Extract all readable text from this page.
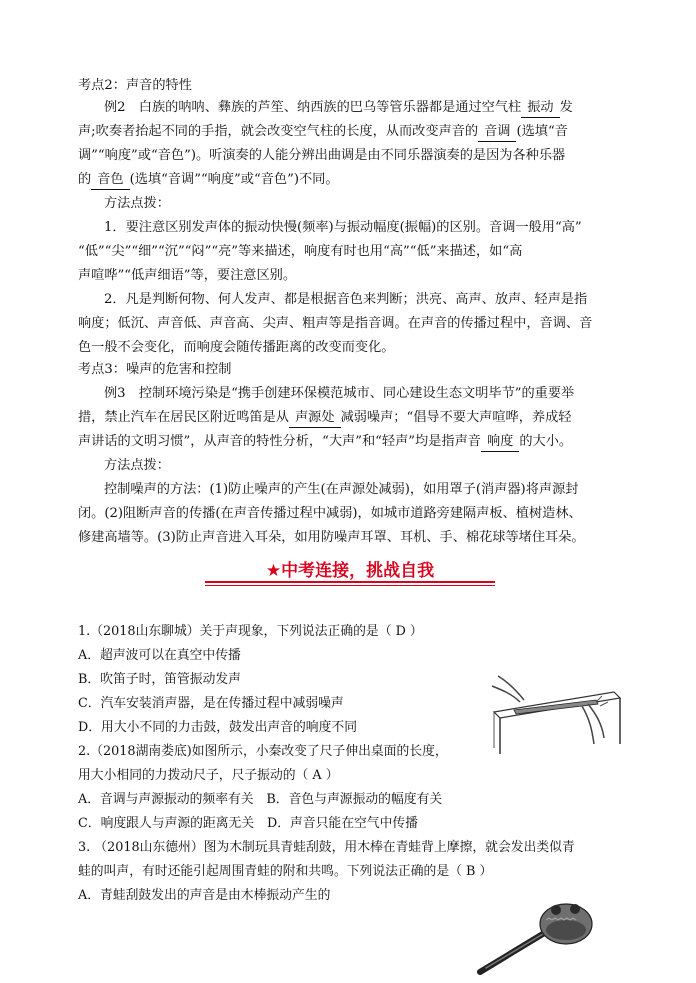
考点2：声音的特性
例2　白族的呐呐、彝族的芦笙、纳西族的巴乌等管乐器都是通过空气柱 振动 发
声;吹奏者抬起不同的手指，就会改变空气柱的长度，从而改变声音的 音调 (选填“音
调”“响度”或“音色”)。听演奏的人能分辨出曲调是由不同乐器演奏的是因为各种乐器
的 音色 (选填“音调”“响度”或“音色”)不同。
方法点拨：
1．要注意区别发声体的振动快慢(频率)与振动幅度(振幅)的区别。音调一般用“高”
“低”“尖”“细”“沉”“闷”“亮”等来描述，响度有时也用“高”“低”来描述，如“高
声喧哗”“低声细语”等，要注意区别。
2．凡是判断何物、何人发声、都是根据音色来判断；洪亮、高声、放声、轻声是指
响度；低沉、声音低、声音高、尖声、粗声等是指音调。在声音的传播过程中，音调、音
色一般不会变化，而响度会随传播距离的改变而变化。
考点3：噪声的危害和控制
例3　控制环境污染是“携手创建环保模范城市、同心建设生态文明毕节”的重要举
措，禁止汽车在居民区附近鸣笛是从 声源处 减弱噪声；“倡导不要大声喧哗，养成轻
声讲话的文明习惯”，从声音的特性分析，“大声”和“轻声”均是指声音 响度 的大小。
方法点拨：
控制噪声的方法：(1)防止噪声的产生(在声源处减弱)，如用罩子(消声器)将声源封
闭。(2)阻断声音的传播(在声音传播过程中减弱)，如城市道路旁建隔声板、植树造林、
修建高墙等。(3)防止声音进入耳朵，如用防噪声耳罩、耳机、手、棉花球等堵住耳朵。
★中考连接，挑战自我
1.（2018山东聊城）关于声现象，下列说法正确的是（ D ）
A．超声波可以在真空中传播
B．吹笛子时，笛管振动发声
C．汽车安装消声器，是在传播过程中减弱噪声
D．用大小不同的力击鼓，鼓发出声音的响度不同
2.（2018湖南娄底)如图所示，小秦改变了尺子伸出桌面的长度，
用大小相同的力拨动尺子，尺子振动的（ A ）
A．音调与声源振动的频率有关　B．音色与声源振动的幅度有关
C．响度跟人与声源的距离无关　D．声音只能在空气中传播
3. （2018山东德州）图为木制玩具青蛙刮鼓，用木棒在青蛙背上摩擦，就会发出类似青
蛙的叫声，有时还能引起周围青蛙的附和共鸣。下列说法正确的是（ B ）
A．青蛙刮鼓发出的声音是由木棒振动产生的
